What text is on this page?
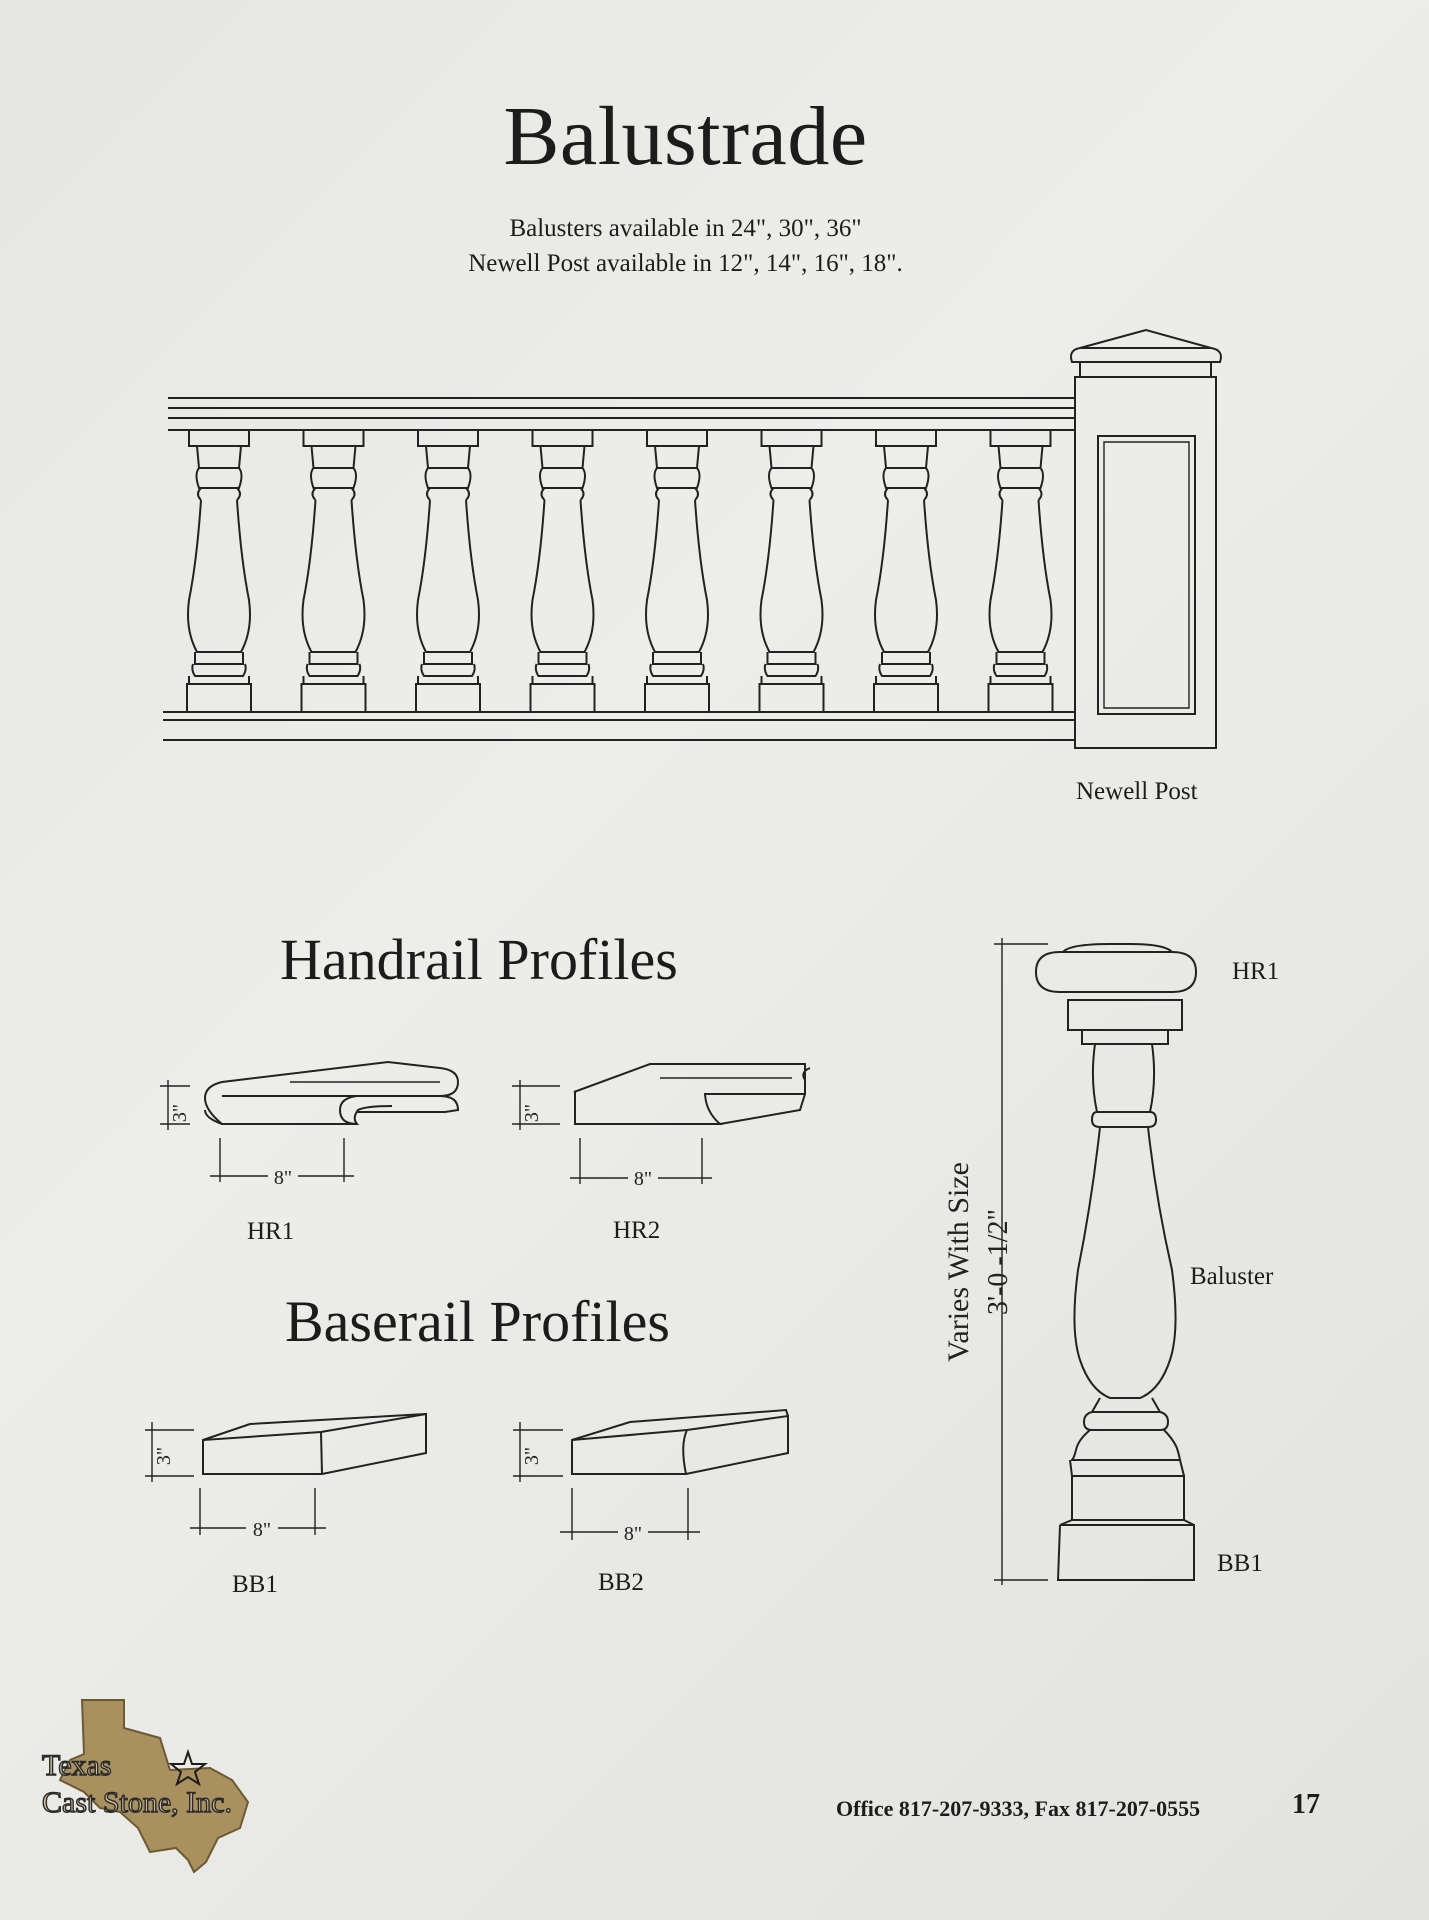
Balustrade
Balusters available in 24", 30", 36"
Newell Post available in 12", 14", 16", 18".
Newell Post
Handrail Profiles
Baserail Profiles
HR1	HR2
BB1	BB2
HR1
Baluster
BB1
Office 817-207-9333, Fax 817-207-0555	17
3"
8"
3"
8"
3"
8"
3"
8"
3'-0 -1/2"
Varies With Size
Texas
Cast Stone, Inc.
